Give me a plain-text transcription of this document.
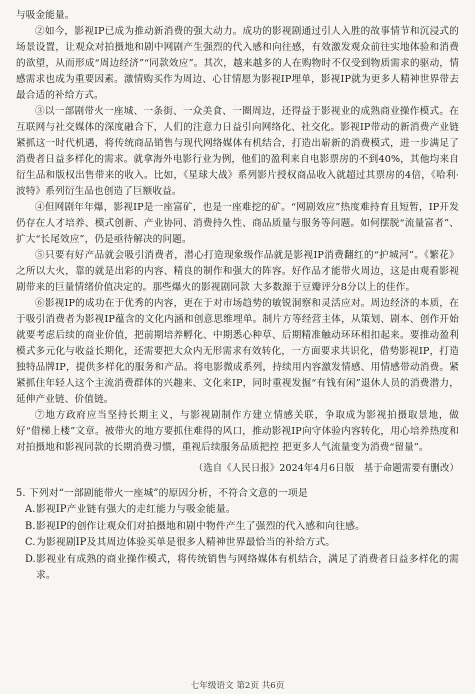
与吸金能量。

②如今，影视IP已成为推动新消费的强大动力。成功的影视剧通过引人入胜的故事情节和沉浸式的场景设置，让观众对拍摄地和剧中网剧产生强烈的代入感和向往感，有效激发观众前往实地体验和消费的欲望，从而形成“周边经济”“同款效应”。其次，越来越多的人在购物时不仅受到物质需求的驱动，情感需求也成为重要因素。激情购买作为周边、心甘情愿为影视IP埋单，影视IP就为更多人精神世界带去最合适的补给方式。

③以一部剧带火一座城、一条街、一众美食、一圈周边，还得益于影视业的成熟商业操作模式。在互联网与社交媒体的深度融合下，人们的注意力日益引向网络化、社交化。影视IP带动的新消费产业链紧抓这一时代机遇，将传统商品销售与现代网络媒体有机结合，打造出崭新的消费模式，进一步满足了消费者日益多样化的需求。就拿海外电影行业为例，他们的盈利来自电影票房的不到40%，其他均来自衍生品和版权出售带来的收入。比如，《星球大战》系列影片授权商品收入就超过其票房的4倍，《哈利·波特》系列衍生品也创造了巨额收益。

④但网剧年年爆，影视IP是一座富矿，也是一座难挖的矿。“网剧效应”热度难持育且短暂，IP开发仍存在人才培养、模式创新、产业协同、消费持久性、商品质量与服务等问题。如何摆脱“流量富者”、扩大“长尾效应”，仍是亟待解决的问题。

⑤只要有好产品就会吸引消费者，潜心打造现象级作品就是影视IP消费翻红的“护城河”。《繁花》之所以大火，靠的就是出彩的内容、精良的制作和强大的阵容。好作品才能带火周边，这是由观看影视剧带来的巨量情绪价值决定的。那些爆火的影视剧同款 大多数源于豆瓣评分8分以上的佳作。

⑥影视IP的成功在于优秀的内容，更在于对市场趋势的敏锐洞察和灵活应对。周边经济的本质，在于吸引消费者为影视IP蕴含的文化内涵和创意思维埋单。制片方等经营主体，从策划、剧本、创作开始就要考虑后续的商业价值，把前期培养孵化、中期悉心种草、后期精准触动环环相扣起来。要推动盈利模式多元化与收益长期化，还需要把大众内无形需求有效转化，一方面要求共识化，借势影视IP，打造独特品牌IP，提供多样化的服务和产品。将电影微成系列，持续用内容激发情感、用情感带动消费。紧紧抓住年轻人这个主流消费群体的兴趣来、文化来IP，同时重视发掘“有钱有闲”退休人员的消费潜力，延伸产业链、价值链。

⑦地方政府应当坚持长期主义，与影视剧制作方建立情感关联，争取成为影视拍摄取景地，做好“借梯上楼”文章。被带火的地方要抓住难得的风口，推动影视IP向守体验内容转化，用心培养热度和对拍摄地和影视同款的长期消费习惯，重视后续服务品质把控 把更多人气流量变为消费“留量”。

（选自《人民日报》2024年4月6日版　基于命题需要有删改）

5. 下列对“一部剧能带火一座城”的原因分析，不符合文意的一项是

A.影视IP产业链有强大的走红能力与吸金能量。

B.影视IP的创作让观众们对拍摄地和剧中物件产生了强烈的代入感和向往感。

C.为影视剧IP及其周边体验买单是很多人精神世界最恰当的补给方式。

D.影视业有成熟的商业操作模式，将传统销售与网络媒体有机结合，满足了消费者日益多样化的需求。

七年级语文 第2页 共6页
